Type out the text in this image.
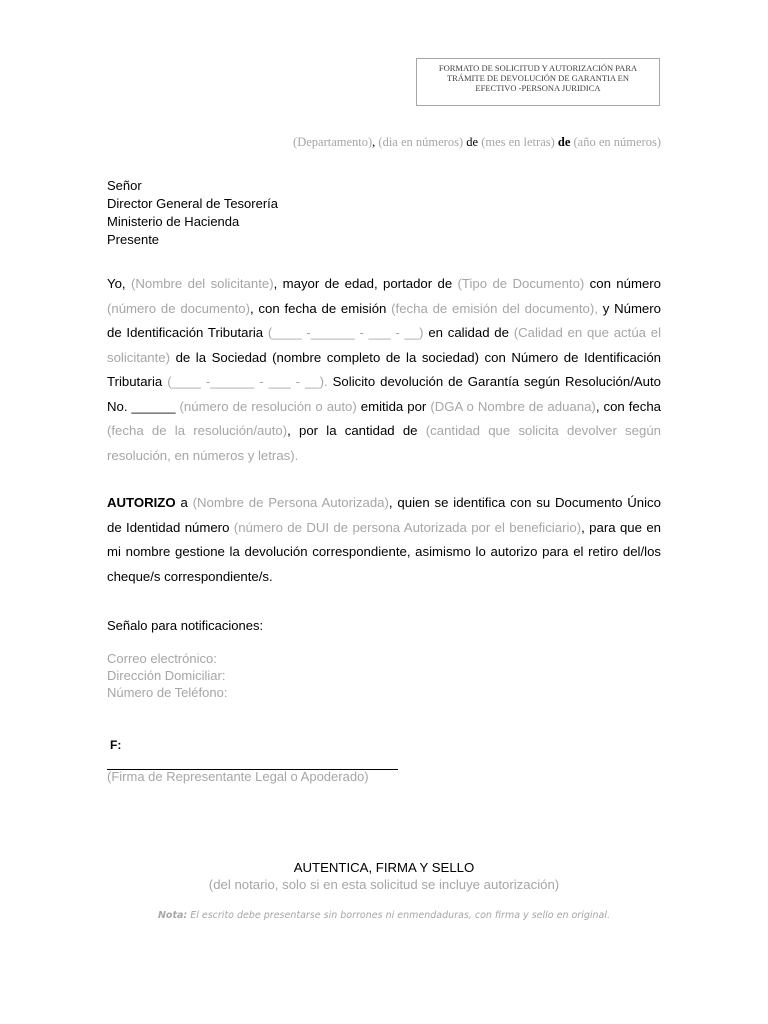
FORMATO DE SOLICITUD Y AUTORIZACIÓN PARA
TRÁMITE DE DEVOLUCIÓN DE GARANTIA EN
EFECTIVO -PERSONA JURIDICA
(Departamento), (dia en números) de (mes en letras) de (año en números)
Señor
Director General de Tesorería
Ministerio de Hacienda
Presente
Yo, (Nombre del solicitante), mayor de edad, portador de (Tipo de Documento) con número (número de documento), con fecha de emisión (fecha de emisión del documento), y Número de Identificación Tributaria (____ -______ - ___ - __) en calidad de (Calidad en que actúa el solicitante) de la Sociedad (nombre completo de la sociedad) con Número de Identificación Tributaria (____ -______ - ___ - __). Solicito devolución de Garantía según Resolución/Auto No. ______ (número de resolución o auto) emitida por (DGA o Nombre de aduana), con fecha (fecha de la resolución/auto), por la cantidad de (cantidad que solicita devolver según resolución, en números y letras).
AUTORIZO a (Nombre de Persona Autorizada), quien se identifica con su Documento Único de Identidad número (número de DUI de persona Autorizada por el beneficiario), para que en mi nombre gestione la devolución correspondiente, asimismo lo autorizo para el retiro del/los cheque/s correspondiente/s.
Señalo para notificaciones:
Correo electrónico:
Dirección Domiciliar:
Número de Teléfono:
F:
(Firma de Representante Legal o Apoderado)
AUTENTICA, FIRMA Y SELLO
(del notario, solo si en esta solicitud se incluye autorización)
Nota: El escrito debe presentarse sin borrones ni enmendaduras, con firma y sello en original.
